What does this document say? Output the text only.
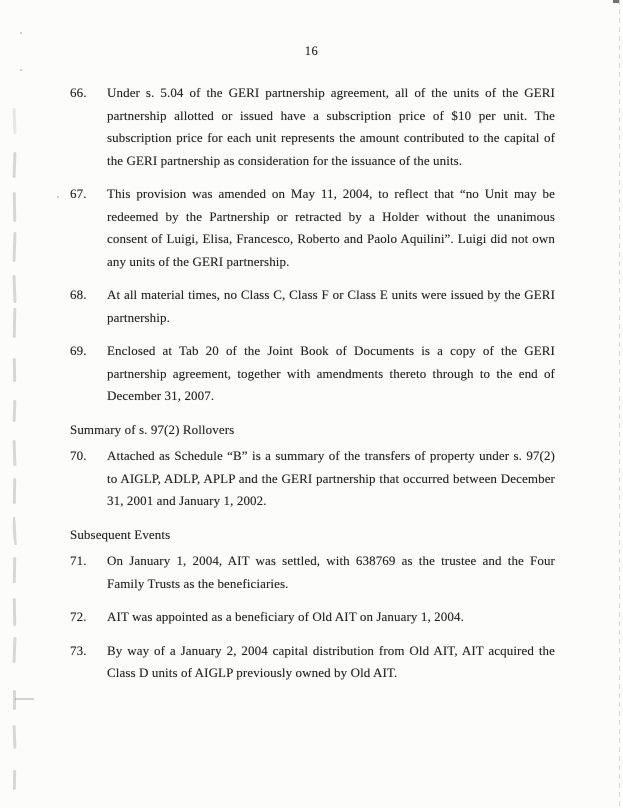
16
66.	Under s. 5.04 of the GERI partnership agreement, all of the units of the GERI partnership allotted or issued have a subscription price of $10 per unit. The subscription price for each unit represents the amount contributed to the capital of the GERI partnership as consideration for the issuance of the units.
67.	This provision was amended on May 11, 2004, to reflect that “no Unit may be redeemed by the Partnership or retracted by a Holder without the unanimous consent of Luigi, Elisa, Francesco, Roberto and Paolo Aquilini”. Luigi did not own any units of the GERI partnership.
68.	At all material times, no Class C, Class F or Class E units were issued by the GERI partnership.
69.	Enclosed at Tab 20 of the Joint Book of Documents is a copy of the GERI partnership agreement, together with amendments thereto through to the end of December 31, 2007.
Summary of s. 97(2) Rollovers
70.	Attached as Schedule “B” is a summary of the transfers of property under s. 97(2) to AIGLP, ADLP, APLP and the GERI partnership that occurred between December 31, 2001 and January 1, 2002.
Subsequent Events
71.	On January 1, 2004, AIT was settled, with 638769 as the trustee and the Four Family Trusts as the beneficiaries.
72.	AIT was appointed as a beneficiary of Old AIT on January 1, 2004.
73.	By way of a January 2, 2004 capital distribution from Old AIT, AIT acquired the Class D units of AIGLP previously owned by Old AIT.
